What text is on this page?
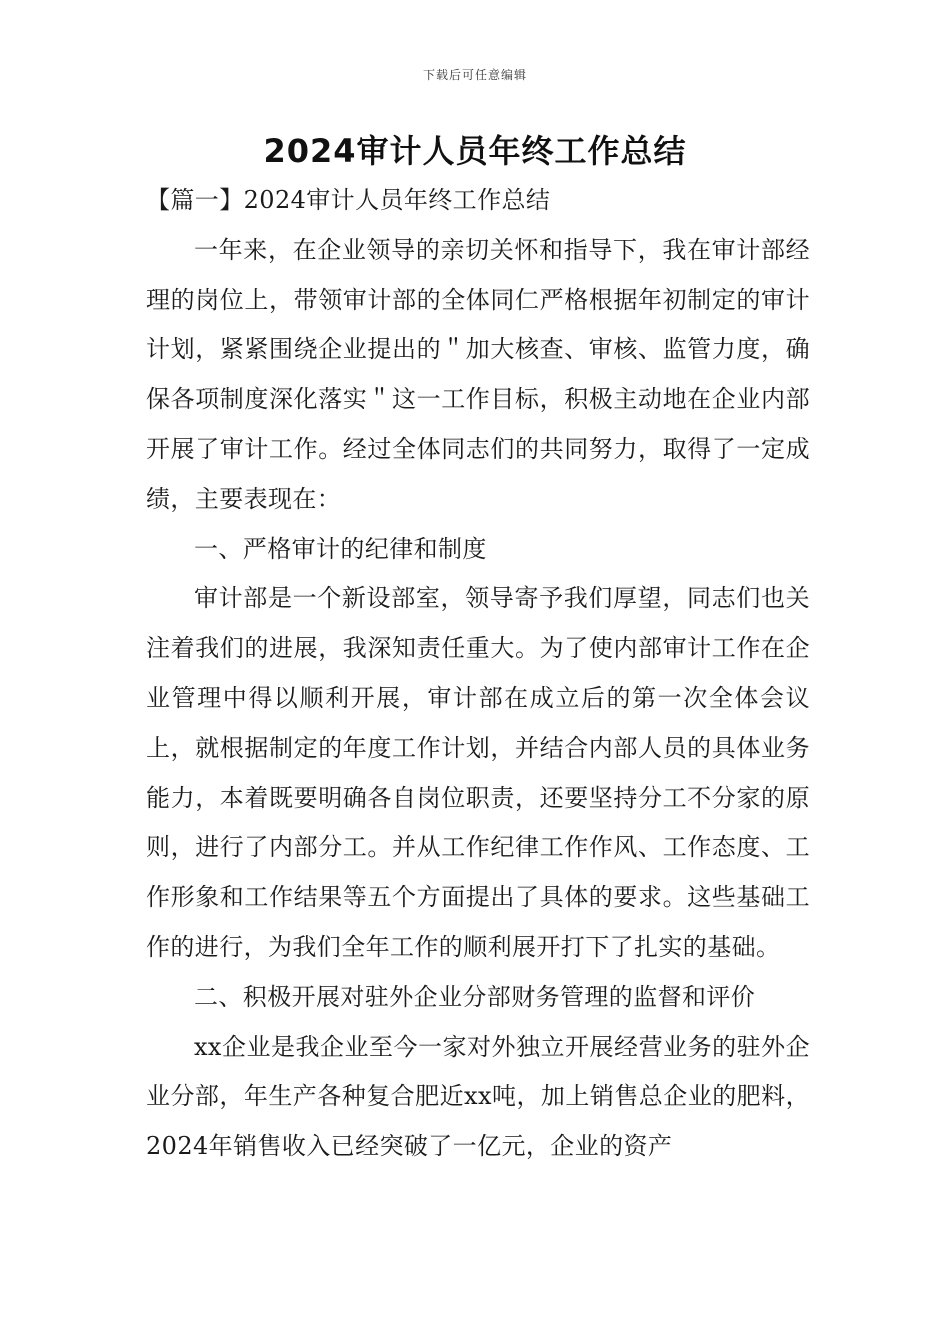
下载后可任意编辑
2024审计人员年终工作总结

【篇一】2024审计人员年终工作总结

一年来，在企业领导的亲切关怀和指导下，我在审计部经理的岗位上，带领审计部的全体同仁严格根据年初制定的审计计划，紧紧围绕企业提出的＂加大核查、审核、监管力度，确保各项制度深化落实＂这一工作目标，积极主动地在企业内部开展了审计工作。经过全体同志们的共同努力，取得了一定成绩，主要表现在：

一、严格审计的纪律和制度

审计部是一个新设部室，领导寄予我们厚望，同志们也关注着我们的进展，我深知责任重大。为了使内部审计工作在企业管理中得以顺利开展，审计部在成立后的第一次全体会议上，就根据制定的年度工作计划，并结合内部人员的具体业务能力，本着既要明确各自岗位职责，还要坚持分工不分家的原则，进行了内部分工。并从工作纪律工作作风、工作态度、工作形象和工作结果等五个方面提出了具体的要求。这些基础工作的进行，为我们全年工作的顺利展开打下了扎实的基础。

二、积极开展对驻外企业分部财务管理的监督和评价

xx企业是我企业至今一家对外独立开展经营业务的驻外企业分部，年生产各种复合肥近xx吨，加上销售总企业的肥料，2024年销售收入已经突破了一亿元，企业的资产
